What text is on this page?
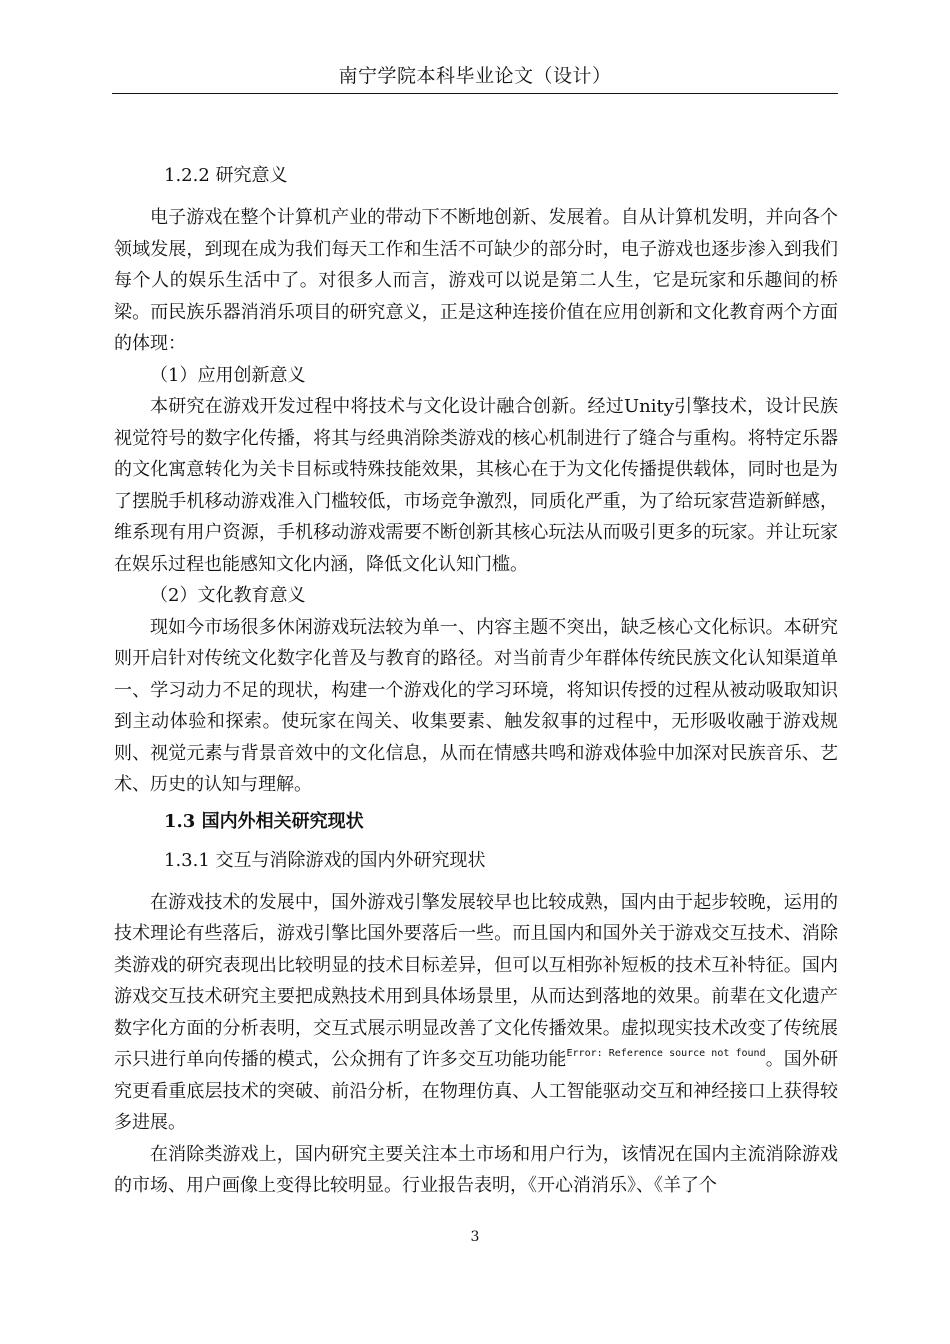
南宁学院本科毕业论文（设计）
1.2.2 研究意义

电子游戏在整个计算机产业的带动下不断地创新、发展着。自从计算机发明，并向各个领域发展，到现在成为我们每天工作和生活不可缺少的部分时，电子游戏也逐步渗入到我们每个人的娱乐生活中了。对很多人而言，游戏可以说是第二人生，它是玩家和乐趣间的桥梁。而民族乐器消消乐项目的研究意义，正是这种连接价值在应用创新和文化教育两个方面的体现：

（1）应用创新意义

本研究在游戏开发过程中将技术与文化设计融合创新。经过Unity引擎技术，设计民族视觉符号的数字化传播，将其与经典消除类游戏的核心机制进行了缝合与重构。将特定乐器的文化寓意转化为关卡目标或特殊技能效果，其核心在于为文化传播提供载体，同时也是为了摆脱手机移动游戏准入门槛较低，市场竞争激烈，同质化严重，为了给玩家营造新鲜感，维系现有用户资源，手机移动游戏需要不断创新其核心玩法从而吸引更多的玩家。并让玩家在娱乐过程也能感知文化内涵，降低文化认知门槛。

（2）文化教育意义

现如今市场很多休闲游戏玩法较为单一、内容主题不突出，缺乏核心文化标识。本研究则开启针对传统文化数字化普及与教育的路径。对当前青少年群体传统民族文化认知渠道单一、学习动力不足的现状，构建一个游戏化的学习环境，将知识传授的过程从被动吸取知识到主动体验和探索。使玩家在闯关、收集要素、触发叙事的过程中，无形吸收融于游戏规则、视觉元素与背景音效中的文化信息，从而在情感共鸣和游戏体验中加深对民族音乐、艺术、历史的认知与理解。

1.3 国内外相关研究现状
1.3.1 交互与消除游戏的国内外研究现状

在游戏技术的发展中，国外游戏引擎发展较早也比较成熟，国内由于起步较晚，运用的技术理论有些落后，游戏引擎比国外要落后一些。而且国内和国外关于游戏交互技术、消除类游戏的研究表现出比较明显的技术目标差异，但可以互相弥补短板的技术互补特征。国内游戏交互技术研究主要把成熟技术用到具体场景里，从而达到落地的效果。前辈在文化遗产数字化方面的分析表明，交互式展示明显改善了文化传播效果。虚拟现实技术改变了传统展示只进行单向传播的模式，公众拥有了许多交互功能功能$^{Error: Reference source not found}$。国外研究更看重底层技术的突破、前沿分析，在物理仿真、人工智能驱动交互和神经接口上获得较多进展。

在消除类游戏上，国内研究主要关注本土市场和用户行为，该情况在国内主流消除游戏的市场、用户画像上变得比较明显。行业报告表明，《开心消消乐》、《羊了个

3
